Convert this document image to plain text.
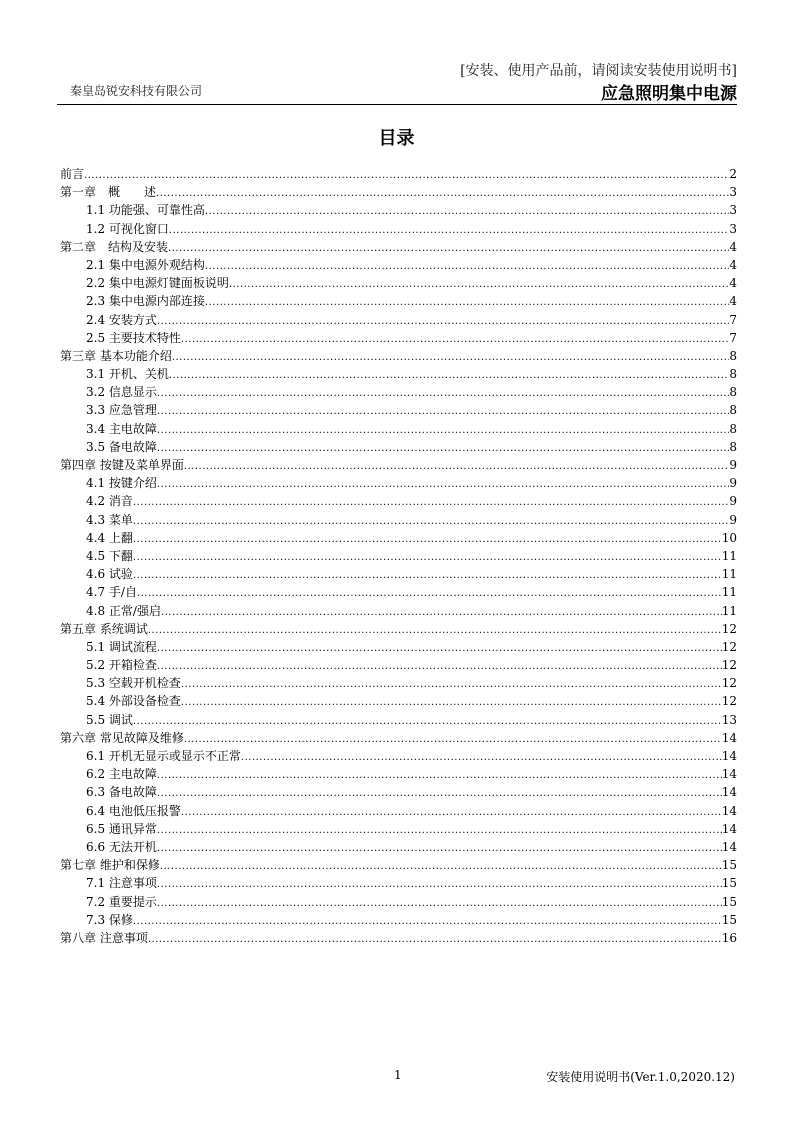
[安装、使用产品前，请阅读安装使用说明书]
秦皇岛锐安科技有限公司	应急照明集中电源
目录
前言 .....	2
第一章　概　　述 .....	3
1.1 功能强、可靠性高 .....	3
1.2 可视化窗口 .....	3
第二章　结构及安装 .....	4
2.1 集中电源外观结构 .....	4
2.2 集中电源灯键面板说明 .....	4
2.3 集中电源内部连接 .....	4
2.4 安装方式 .....	7
2.5 主要技术特性 .....	7
第三章 基本功能介绍 .....	8
3.1 开机、关机 .....	8
3.2 信息显示 .....	8
3.3 应急管理 .....	8
3.4 主电故障 .....	8
3.5 备电故障 .....	8
第四章 按键及菜单界面 .....	9
4.1 按键介绍 .....	9
4.2 消音 .....	9
4.3 菜单 .....	9
4.4 上翻 .....	10
4.5 下翻 .....	11
4.6 试验 .....	11
4.7 手/自 .....	11
4.8 正常/强启 .....	11
第五章 系统调试 .....	12
5.1 调试流程 .....	12
5.2 开箱检查 .....	12
5.3 空载开机检查 .....	12
5.4 外部设备检查 .....	12
5.5 调试 .....	13
第六章 常见故障及维修 .....	14
6.1 开机无显示或显示不正常 .....	14
6.2 主电故障 .....	14
6.3 备电故障 .....	14
6.4 电池低压报警 .....	14
6.5 通讯异常 .....	14
6.6 无法开机 .....	14
第七章 维护和保修 .....	15
7.1 注意事项 .....	15
7.2 重要提示 .....	15
7.3 保修 .....	15
第八章 注意事项 .....	16
1	安装使用说明书(Ver.1.0,2020.12)
